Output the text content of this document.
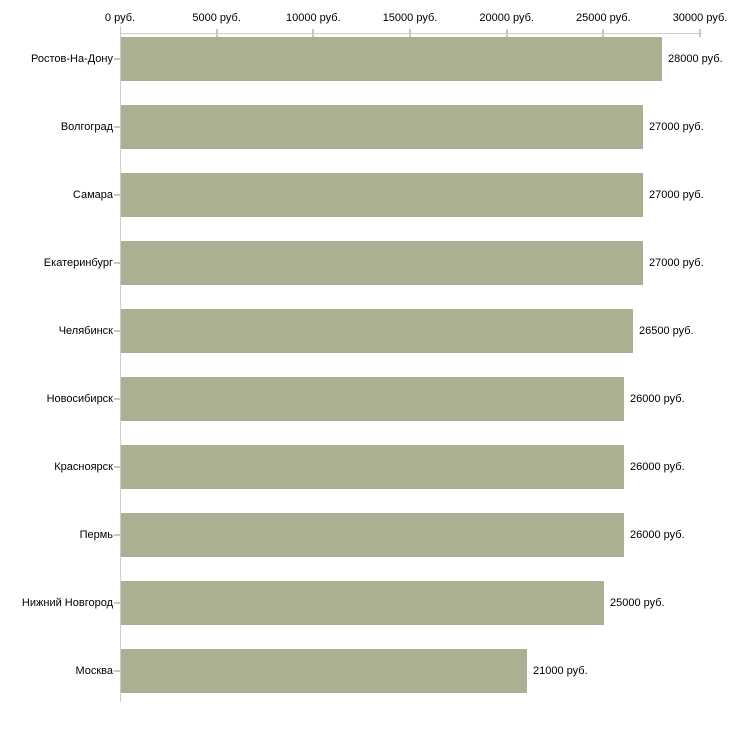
0 руб.	5000 руб.	10000 руб.	15000 руб.	20000 руб.	25000 руб.	30000 руб.
Ростов-На-Дону	28000 руб.
Волгоград	27000 руб.
Самара	27000 руб.
Екатеринбург	27000 руб.
Челябинск	26500 руб.
Новосибирск	26000 руб.
Красноярск	26000 руб.
Пермь	26000 руб.
Нижний Новгород	25000 руб.
Москва	21000 руб.
